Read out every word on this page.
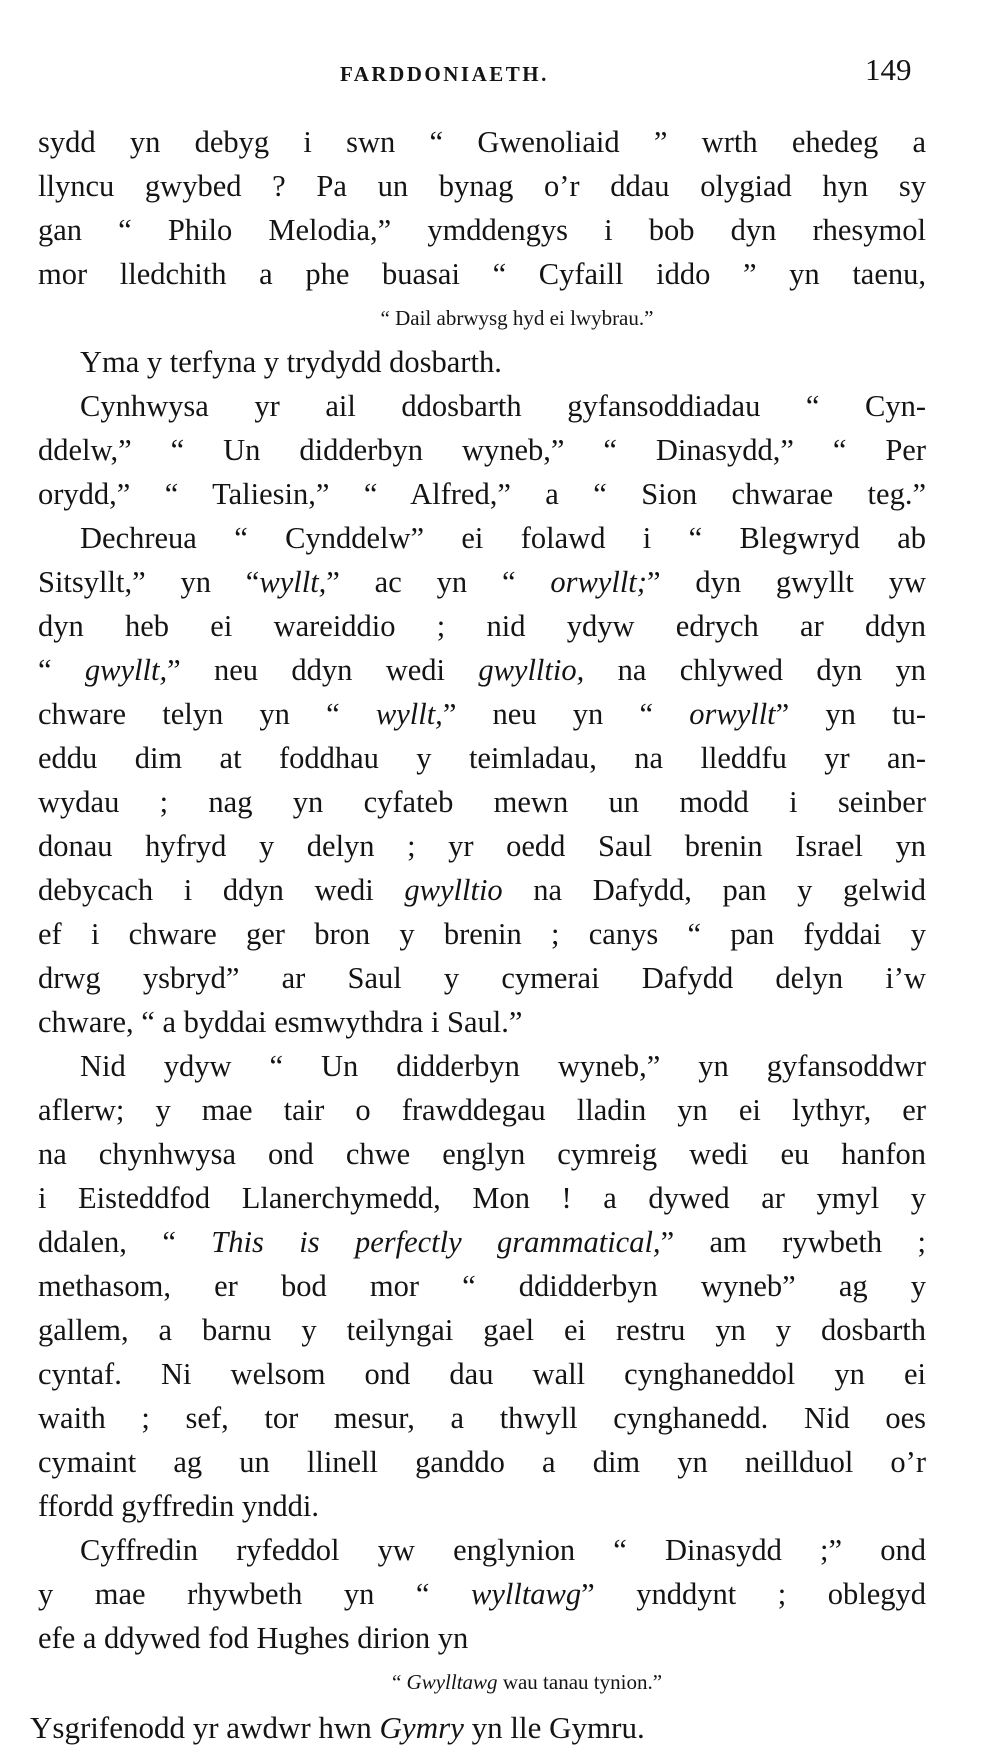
FARDDONIAETH.	149
sydd yn debyg i swn “ Gwenoliaid ” wrth ehedeg a
llyncu gwybed ? Pa un bynag o’r ddau olygiad hyn sy
gan “ Philo Melodia,” ymddengys i bob dyn rhesymol
mor lledchith a phe buasai “ Cyfaill iddo ” yn taenu,
“ Dail abrwysg hyd ei lwybrau.”
Yma y terfyna y trydydd dosbarth.
Cynhwysa yr ail ddosbarth gyfansoddiadau “ Cyn-
ddelw,” “ Un didderbyn wyneb,” “ Dinasydd,” “ Per
orydd,” “ Taliesin,” “ Alfred,” a “ Sion chwarae teg.”
Dechreua “ Cynddelw” ei folawd i “ Blegwryd ab
Sitsyllt,” yn “wyllt,” ac yn “ orwyllt;” dyn gwyllt yw
dyn heb ei wareiddio ; nid ydyw edrych ar ddyn
“ gwyllt,” neu ddyn wedi gwylltio, na chlywed dyn yn
chware telyn yn “ wyllt,” neu yn “ orwyllt” yn tu-
eddu dim at foddhau y teimladau, na lleddfu yr an-
wydau ; nag yn cyfateb mewn un modd i seinber
donau hyfryd y delyn ; yr oedd Saul brenin Israel yn
debycach i ddyn wedi gwylltio na Dafydd, pan y gelwid
ef i chware ger bron y brenin ; canys “ pan fyddai y
drwg ysbryd” ar Saul y cymerai Dafydd delyn i’w
chware, “ a byddai esmwythdra i Saul.”
Nid ydyw “ Un didderbyn wyneb,” yn gyfansoddwr
aflerw; y mae tair o frawddegau lladin yn ei lythyr, er
na chynhwysa ond chwe englyn cymreig wedi eu hanfon
i Eisteddfod Llanerchymedd, Mon ! a dywed ar ymyl y
ddalen, “ This is perfectly grammatical,” am rywbeth ;
methasom, er bod mor “ ddidderbyn wyneb” ag y
gallem, a barnu y teilyngai gael ei restru yn y dosbarth
cyntaf. Ni welsom ond dau wall cynghaneddol yn ei
waith ; sef, tor mesur, a thwyll cynghanedd. Nid oes
cymaint ag un llinell ganddo a dim yn neillduol o’r
ffordd gyffredin ynddi.
Cyffredin ryfeddol yw englynion “ Dinasydd ;” ond
y mae rhywbeth yn “ wylltawg” ynddynt ; oblegyd
efe a ddywed fod Hughes dirion yn
“ Gwylltawg wau tanau tynion.”
Ysgrifenodd yr awdwr hwn Gymry yn lle Gymru.
